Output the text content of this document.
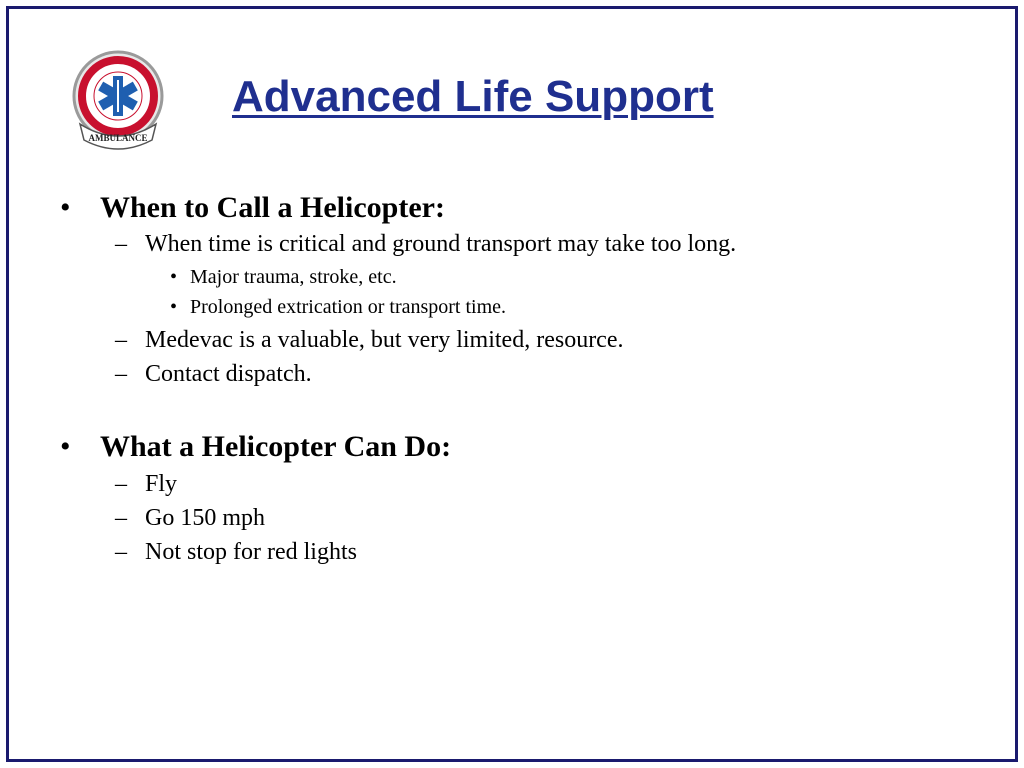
AMBULANCE
Advanced Life Support
• When to Call a Helicopter:
– When time is critical and ground transport may take too long.
• Major trauma, stroke, etc.
• Prolonged extrication or transport time.
– Medevac is a valuable, but very limited, resource.
– Contact dispatch.
• What a Helicopter Can Do:
– Fly
– Go 150 mph
– Not stop for red lights
